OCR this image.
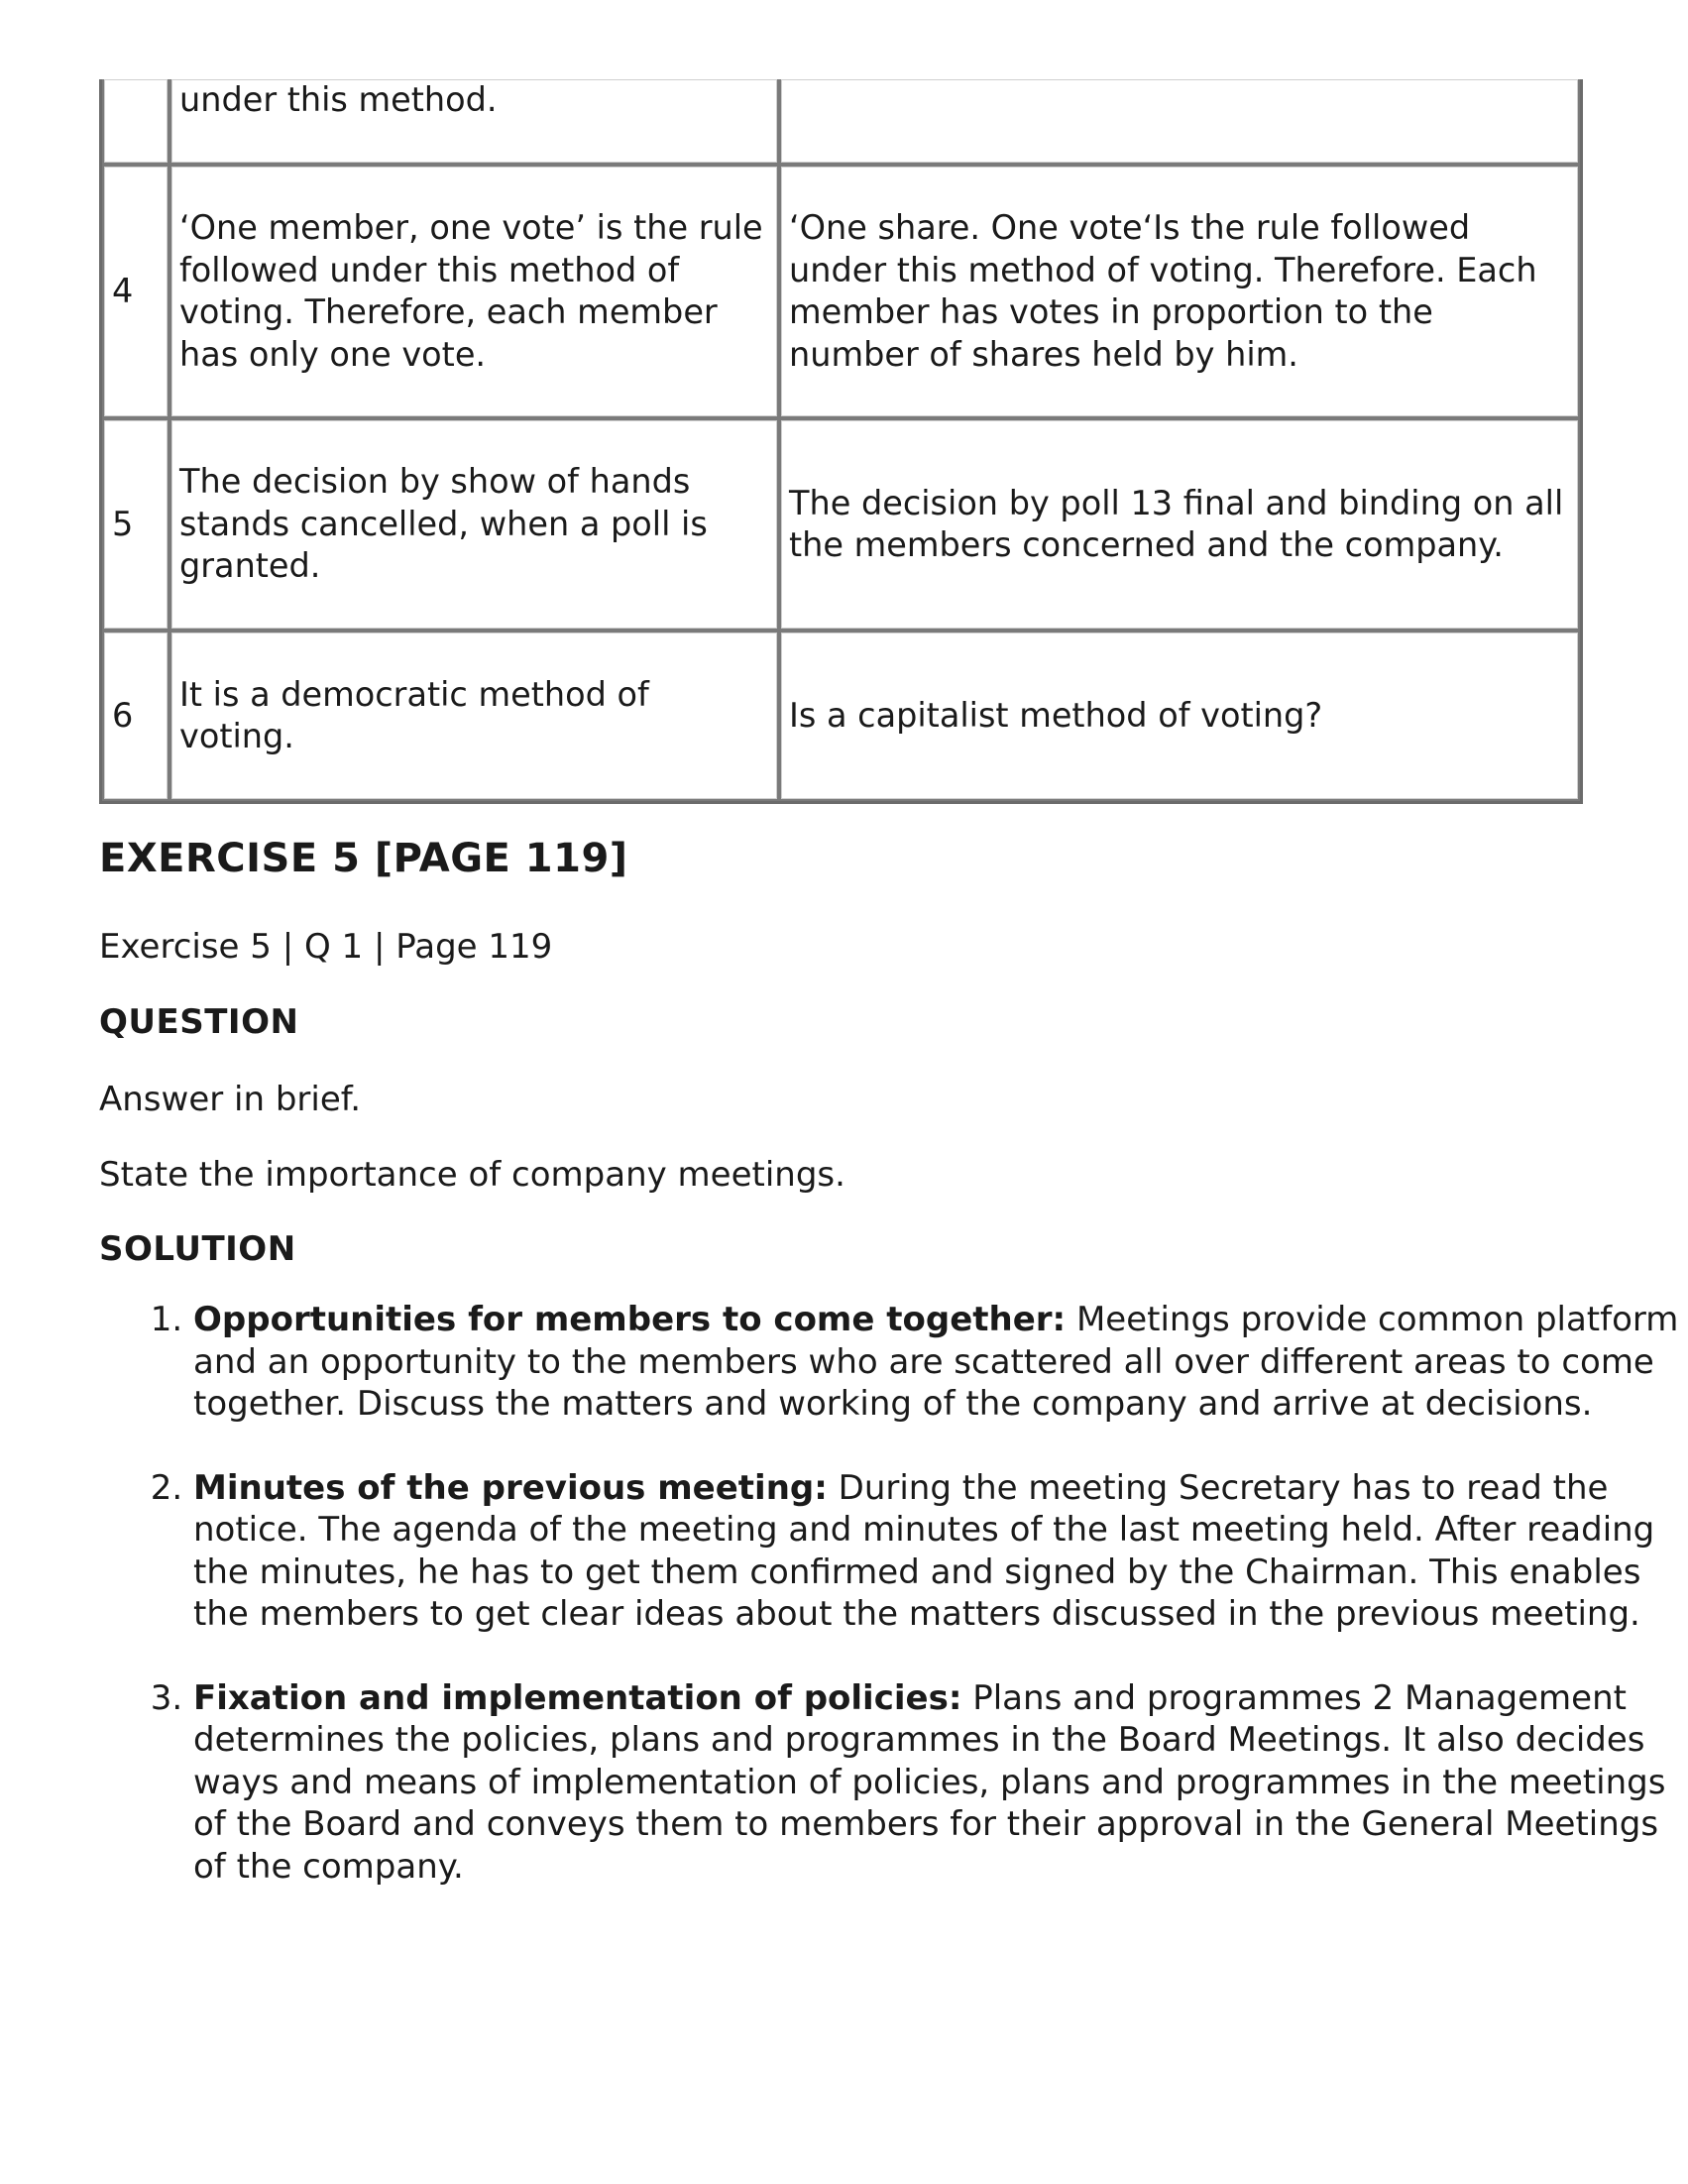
	under this method.	
4	‘One member, one vote’ is the rule followed under this method of voting. Therefore, each member has only one vote.	‘One share. One vote‘Is the rule followed under this method of voting. Therefore. Each member has votes in proportion to the number of shares held by him.
5	The decision by show of hands stands cancelled, when a poll is granted.	The decision by poll 13 final and binding on all the members concerned and the company.
6	It is a democratic method of voting.	Is a capitalist method of voting?
EXERCISE 5 [PAGE 119]

Exercise 5 | Q 1 | Page 119

QUESTION

Answer in brief.

State the importance of company meetings.

SOLUTION

1. Opportunities for members to come together: Meetings provide common platform and an opportunity to the members who are scattered all over different areas to come together. Discuss the matters and working of the company and arrive at decisions.
2. Minutes of the previous meeting: During the meeting Secretary has to read the notice. The agenda of the meeting and minutes of the last meeting held. After reading the minutes, he has to get them confirmed and signed by the Chairman. This enables the members to get clear ideas about the matters discussed in the previous meeting.
3. Fixation and implementation of policies: Plans and programmes 2 Management determines the policies, plans and programmes in the Board Meetings. It also decides ways and means of implementation of policies, plans and programmes in the meetings of the Board and conveys them to members for their approval in the General Meetings of the company.
